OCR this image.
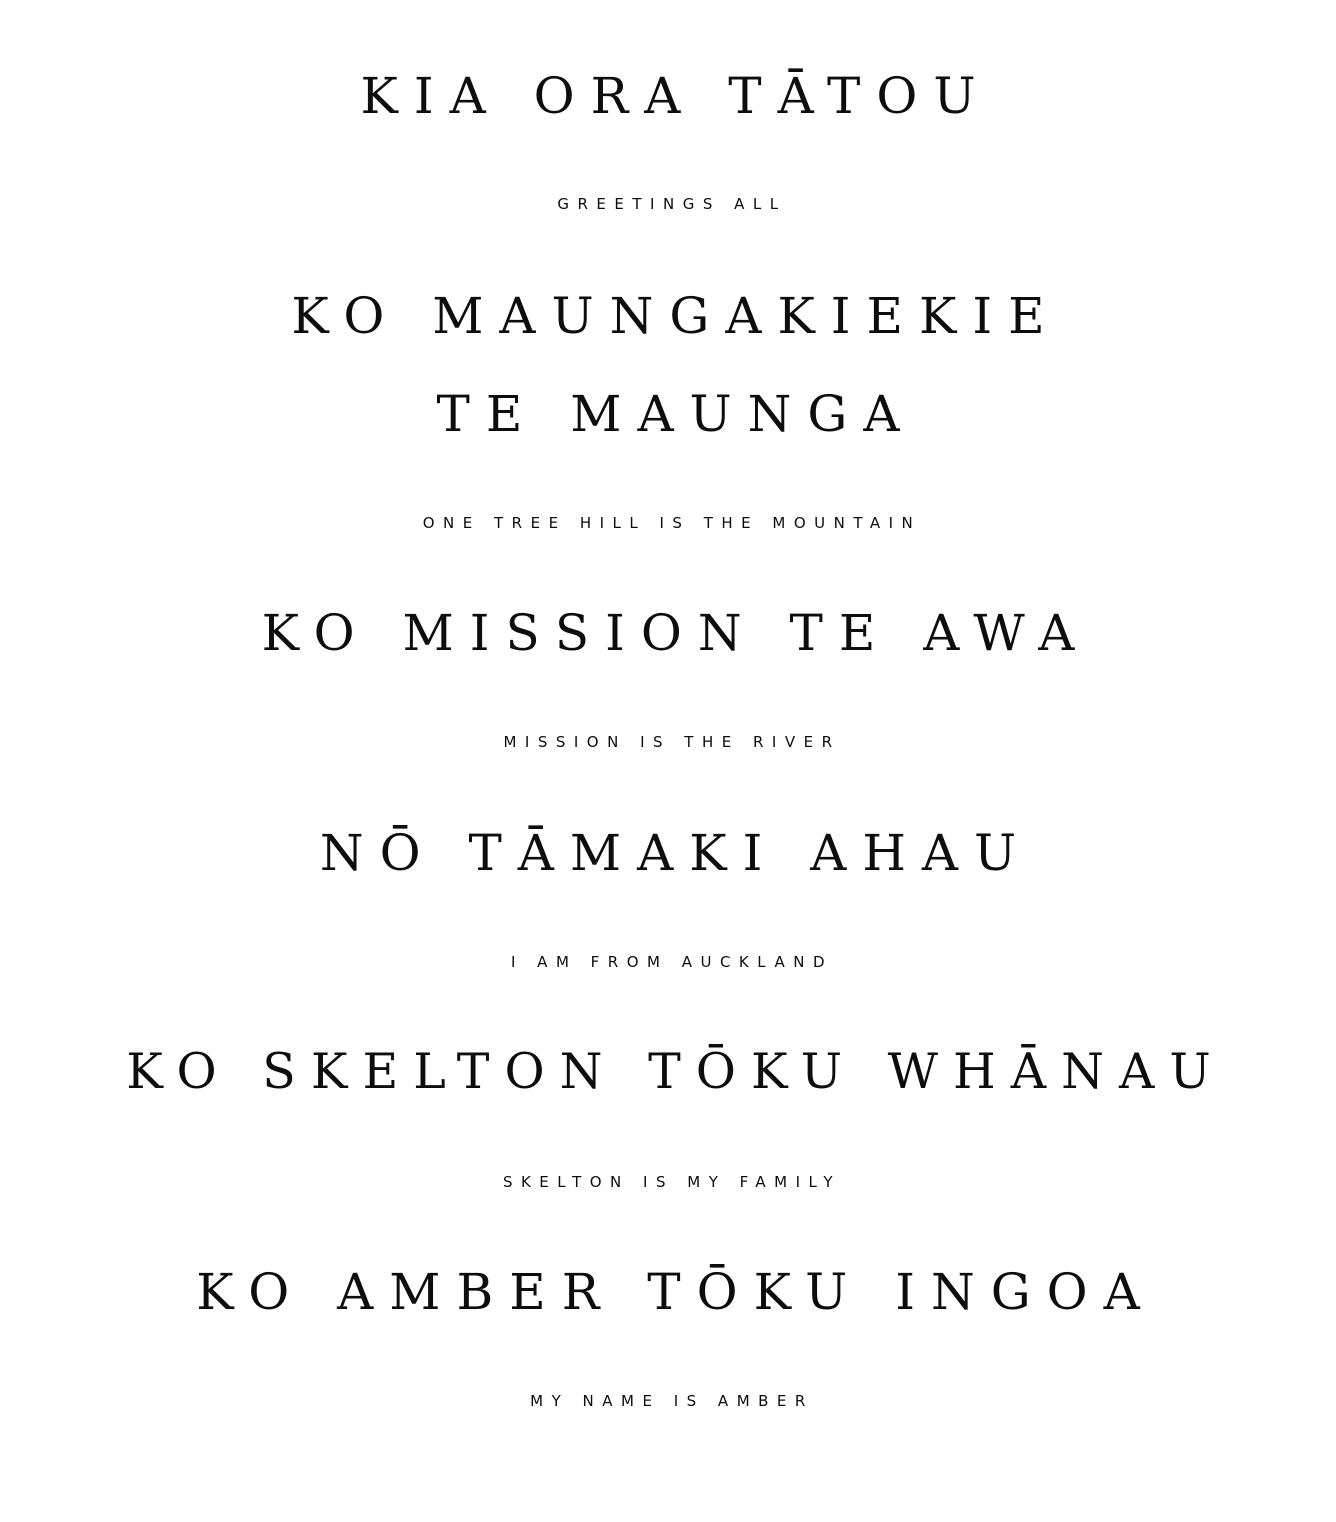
KIA ORA TĀTOU

GREETINGS ALL

KO MAUNGAKIEKIE
TE MAUNGA

ONE TREE HILL IS THE MOUNTAIN

KO MISSION TE AWA

MISSION IS THE RIVER

NŌ TĀMAKI AHAU

I AM FROM AUCKLAND

KO SKELTON TŌKU WHĀNAU

SKELTON IS MY FAMILY

KO AMBER TŌKU INGOA

MY NAME IS AMBER
